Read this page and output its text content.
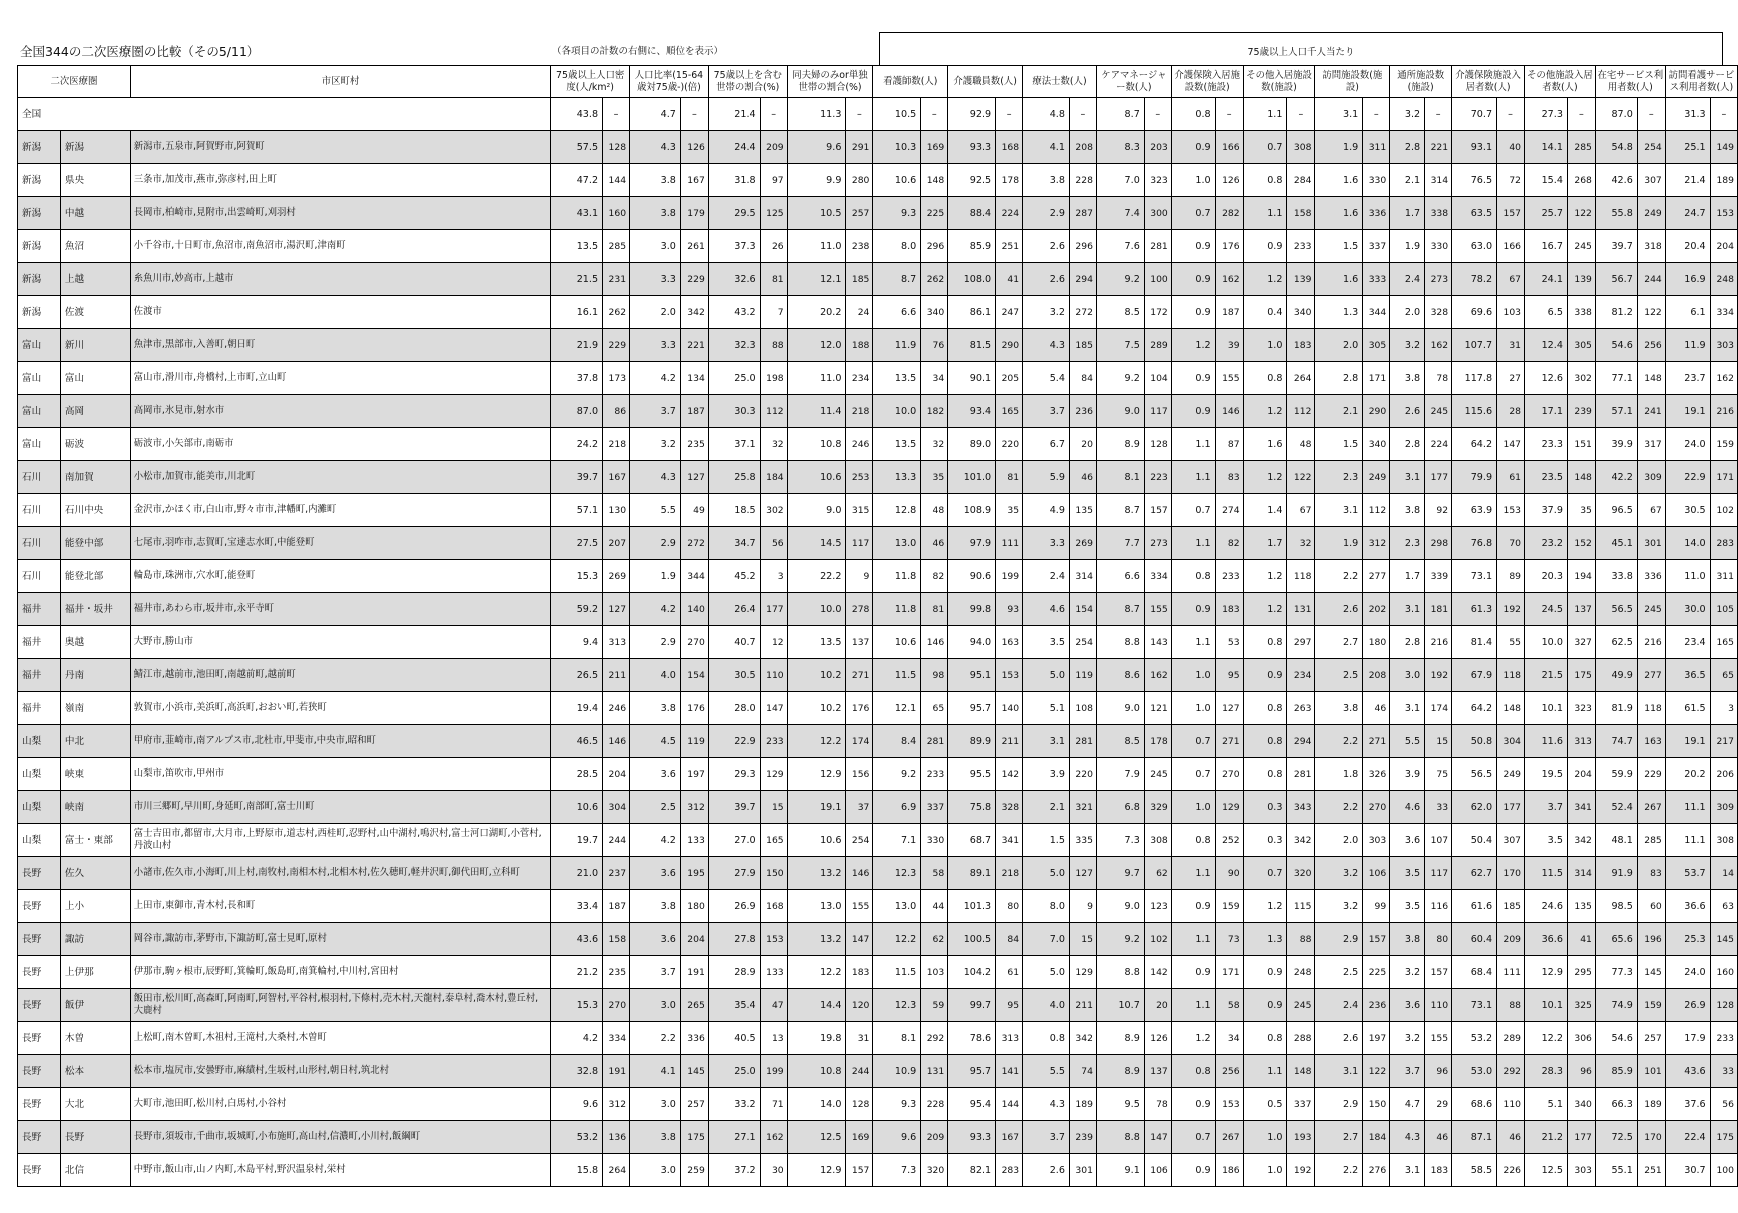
全国344の二次医療圏の比較（その5/11）	（各項目の計数の右側に、順位を表示）	75歳以上人口千人当たり
二次医療圏		市区町村	75歳以上人口密度(人/km²)		人口比率(15-64歳対75歳-)(倍)		75歳以上を含む世帯の割合(%)		同夫婦のみor単独世帯の割合(%)		看護師数(人)		介護職員数(人)		療法士数(人)		ケアマネージャー数(人)		介護保険入居施設数(施設)		その他入居施設数(施設)		訪問施設数(施設)		通所施設数(施設)		介護保険施設入居者数(人)		その他施設入居者数(人)		在宅サービス利用者数(人)		訪問看護サービス利用者数(人)	
全国			43.8	–	4.7	–	21.4	–	11.3	–	10.5	–	92.9	–	4.8	–	8.7	–	0.8	–	1.1	–	3.1	–	3.2	–	70.7	–	27.3	–	87.0	–	31.3	–
新潟	新潟	新潟市,五泉市,阿賀野市,阿賀町	57.5	128	4.3	126	24.4	209	9.6	291	10.3	169	93.3	168	4.1	208	8.3	203	0.9	166	0.7	308	1.9	311	2.8	221	93.1	40	14.1	285	54.8	254	25.1	149
新潟	県央	三条市,加茂市,燕市,弥彦村,田上町	47.2	144	3.8	167	31.8	97	9.9	280	10.6	148	92.5	178	3.8	228	7.0	323	1.0	126	0.8	284	1.6	330	2.1	314	76.5	72	15.4	268	42.6	307	21.4	189
新潟	中越	長岡市,柏崎市,見附市,出雲崎町,刈羽村	43.1	160	3.8	179	29.5	125	10.5	257	9.3	225	88.4	224	2.9	287	7.4	300	0.7	282	1.1	158	1.6	336	1.7	338	63.5	157	25.7	122	55.8	249	24.7	153
新潟	魚沼	小千谷市,十日町市,魚沼市,南魚沼市,湯沢町,津南町	13.5	285	3.0	261	37.3	26	11.0	238	8.0	296	85.9	251	2.6	296	7.6	281	0.9	176	0.9	233	1.5	337	1.9	330	63.0	166	16.7	245	39.7	318	20.4	204
新潟	上越	糸魚川市,妙高市,上越市	21.5	231	3.3	229	32.6	81	12.1	185	8.7	262	108.0	41	2.6	294	9.2	100	0.9	162	1.2	139	1.6	333	2.4	273	78.2	67	24.1	139	56.7	244	16.9	248
新潟	佐渡	佐渡市	16.1	262	2.0	342	43.2	7	20.2	24	6.6	340	86.1	247	3.2	272	8.5	172	0.9	187	0.4	340	1.3	344	2.0	328	69.6	103	6.5	338	81.2	122	6.1	334
富山	新川	魚津市,黒部市,入善町,朝日町	21.9	229	3.3	221	32.3	88	12.0	188	11.9	76	81.5	290	4.3	185	7.5	289	1.2	39	1.0	183	2.0	305	3.2	162	107.7	31	12.4	305	54.6	256	11.9	303
富山	富山	富山市,滑川市,舟橋村,上市町,立山町	37.8	173	4.2	134	25.0	198	11.0	234	13.5	34	90.1	205	5.4	84	9.2	104	0.9	155	0.8	264	2.8	171	3.8	78	117.8	27	12.6	302	77.1	148	23.7	162
富山	高岡	高岡市,氷見市,射水市	87.0	86	3.7	187	30.3	112	11.4	218	10.0	182	93.4	165	3.7	236	9.0	117	0.9	146	1.2	112	2.1	290	2.6	245	115.6	28	17.1	239	57.1	241	19.1	216
富山	砺波	砺波市,小矢部市,南砺市	24.2	218	3.2	235	37.1	32	10.8	246	13.5	32	89.0	220	6.7	20	8.9	128	1.1	87	1.6	48	1.5	340	2.8	224	64.2	147	23.3	151	39.9	317	24.0	159
石川	南加賀	小松市,加賀市,能美市,川北町	39.7	167	4.3	127	25.8	184	10.6	253	13.3	35	101.0	81	5.9	46	8.1	223	1.1	83	1.2	122	2.3	249	3.1	177	79.9	61	23.5	148	42.2	309	22.9	171
石川	石川中央	金沢市,かほく市,白山市,野々市市,津幡町,内灘町	57.1	130	5.5	49	18.5	302	9.0	315	12.8	48	108.9	35	4.9	135	8.7	157	0.7	274	1.4	67	3.1	112	3.8	92	63.9	153	37.9	35	96.5	67	30.5	102
石川	能登中部	七尾市,羽咋市,志賀町,宝達志水町,中能登町	27.5	207	2.9	272	34.7	56	14.5	117	13.0	46	97.9	111	3.3	269	7.7	273	1.1	82	1.7	32	1.9	312	2.3	298	76.8	70	23.2	152	45.1	301	14.0	283
石川	能登北部	輪島市,珠洲市,穴水町,能登町	15.3	269	1.9	344	45.2	3	22.2	9	11.8	82	90.6	199	2.4	314	6.6	334	0.8	233	1.2	118	2.2	277	1.7	339	73.1	89	20.3	194	33.8	336	11.0	311
福井	福井・坂井	福井市,あわら市,坂井市,永平寺町	59.2	127	4.2	140	26.4	177	10.0	278	11.8	81	99.8	93	4.6	154	8.7	155	0.9	183	1.2	131	2.6	202	3.1	181	61.3	192	24.5	137	56.5	245	30.0	105
福井	奥越	大野市,勝山市	9.4	313	2.9	270	40.7	12	13.5	137	10.6	146	94.0	163	3.5	254	8.8	143	1.1	53	0.8	297	2.7	180	2.8	216	81.4	55	10.0	327	62.5	216	23.4	165
福井	丹南	鯖江市,越前市,池田町,南越前町,越前町	26.5	211	4.0	154	30.5	110	10.2	271	11.5	98	95.1	153	5.0	119	8.6	162	1.0	95	0.9	234	2.5	208	3.0	192	67.9	118	21.5	175	49.9	277	36.5	65
福井	嶺南	敦賀市,小浜市,美浜町,高浜町,おおい町,若狭町	19.4	246	3.8	176	28.0	147	10.2	176	12.1	65	95.7	140	5.1	108	9.0	121	1.0	127	0.8	263	3.8	46	3.1	174	64.2	148	10.1	323	81.9	118	61.5	3
山梨	中北	甲府市,韮崎市,南アルプス市,北杜市,甲斐市,中央市,昭和町	46.5	146	4.5	119	22.9	233	12.2	174	8.4	281	89.9	211	3.1	281	8.5	178	0.7	271	0.8	294	2.2	271	5.5	15	50.8	304	11.6	313	74.7	163	19.1	217
山梨	峡東	山梨市,笛吹市,甲州市	28.5	204	3.6	197	29.3	129	12.9	156	9.2	233	95.5	142	3.9	220	7.9	245	0.7	270	0.8	281	1.8	326	3.9	75	56.5	249	19.5	204	59.9	229	20.2	206
山梨	峡南	市川三郷町,早川町,身延町,南部町,富士川町	10.6	304	2.5	312	39.7	15	19.1	37	6.9	337	75.8	328	2.1	321	6.8	329	1.0	129	0.3	343	2.2	270	4.6	33	62.0	177	3.7	341	52.4	267	11.1	309
山梨	富士・東部	富士吉田市,都留市,大月市,上野原市,道志村,西桂町,忍野村,山中湖村,鳴沢村,富士河口湖町,小菅村,丹波山村	19.7	244	4.2	133	27.0	165	10.6	254	7.1	330	68.7	341	1.5	335	7.3	308	0.8	252	0.3	342	2.0	303	3.6	107	50.4	307	3.5	342	48.1	285	11.1	308
長野	佐久	小諸市,佐久市,小海町,川上村,南牧村,南相木村,北相木村,佐久穂町,軽井沢町,御代田町,立科町	21.0	237	3.6	195	27.9	150	13.2	146	12.3	58	89.1	218	5.0	127	9.7	62	1.1	90	0.7	320	3.2	106	3.5	117	62.7	170	11.5	314	91.9	83	53.7	14
長野	上小	上田市,東御市,青木村,長和町	33.4	187	3.8	180	26.9	168	13.0	155	13.0	44	101.3	80	8.0	9	9.0	123	0.9	159	1.2	115	3.2	99	3.5	116	61.6	185	24.6	135	98.5	60	36.6	63
長野	諏訪	岡谷市,諏訪市,茅野市,下諏訪町,富士見町,原村	43.6	158	3.6	204	27.8	153	13.2	147	12.2	62	100.5	84	7.0	15	9.2	102	1.1	73	1.3	88	2.9	157	3.8	80	60.4	209	36.6	41	65.6	196	25.3	145
長野	上伊那	伊那市,駒ヶ根市,辰野町,箕輪町,飯島町,南箕輪村,中川村,宮田村	21.2	235	3.7	191	28.9	133	12.2	183	11.5	103	104.2	61	5.0	129	8.8	142	0.9	171	0.9	248	2.5	225	3.2	157	68.4	111	12.9	295	77.3	145	24.0	160
長野	飯伊	飯田市,松川町,高森町,阿南町,阿智村,平谷村,根羽村,下條村,売木村,天龍村,泰阜村,喬木村,豊丘村,大鹿村	15.3	270	3.0	265	35.4	47	14.4	120	12.3	59	99.7	95	4.0	211	10.7	20	1.1	58	0.9	245	2.4	236	3.6	110	73.1	88	10.1	325	74.9	159	26.9	128
長野	木曽	上松町,南木曽町,木祖村,王滝村,大桑村,木曽町	4.2	334	2.2	336	40.5	13	19.8	31	8.1	292	78.6	313	0.8	342	8.9	126	1.2	34	0.8	288	2.6	197	3.2	155	53.2	289	12.2	306	54.6	257	17.9	233
長野	松本	松本市,塩尻市,安曇野市,麻績村,生坂村,山形村,朝日村,筑北村	32.8	191	4.1	145	25.0	199	10.8	244	10.9	131	95.7	141	5.5	74	8.9	137	0.8	256	1.1	148	3.1	122	3.7	96	53.0	292	28.3	96	85.9	101	43.6	33
長野	大北	大町市,池田町,松川村,白馬村,小谷村	9.6	312	3.0	257	33.2	71	14.0	128	9.3	228	95.4	144	4.3	189	9.5	78	0.9	153	0.5	337	2.9	150	4.7	29	68.6	110	5.1	340	66.3	189	37.6	56
長野	長野	長野市,須坂市,千曲市,坂城町,小布施町,高山村,信濃町,小川村,飯綱町	53.2	136	3.8	175	27.1	162	12.5	169	9.6	209	93.3	167	3.7	239	8.8	147	0.7	267	1.0	193	2.7	184	4.3	46	87.1	46	21.2	177	72.5	170	22.4	175
長野	北信	中野市,飯山市,山ノ内町,木島平村,野沢温泉村,栄村	15.8	264	3.0	259	37.2	30	12.9	157	7.3	320	82.1	283	2.6	301	9.1	106	0.9	186	1.0	192	2.2	276	3.1	183	58.5	226	12.5	303	55.1	251	30.7	100
